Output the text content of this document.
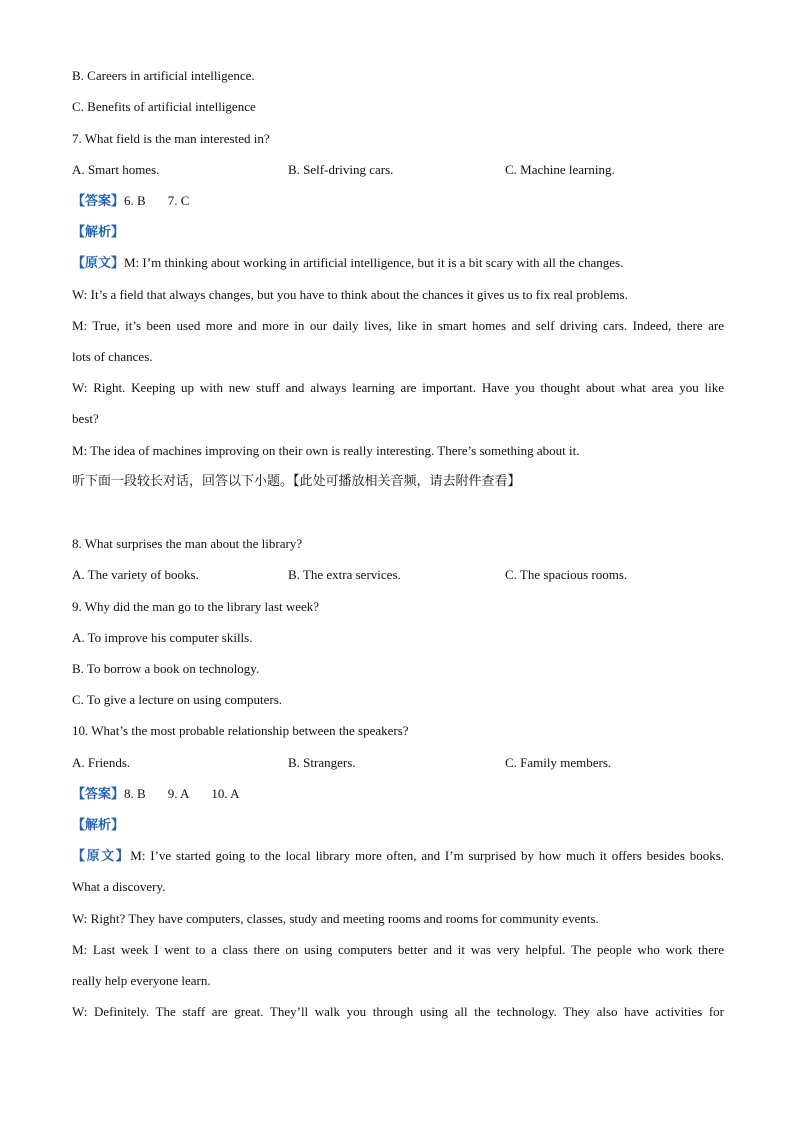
B. Careers in artificial intelligence.
C. Benefits of artificial intelligence
7. What field is the man interested in?
A. Smart homes.	B. Self-driving cars.	C. Machine learning.
【答案】6. B 7. C
【解析】
【原文】M: I’m thinking about working in artificial intelligence, but it is a bit scary with all the changes.
W: It’s a field that always changes, but you have to think about the chances it gives us to fix real problems.
M: True, it’s been used more and more in our daily lives, like in smart homes and self driving cars. Indeed, there are
lots of chances.
W: Right. Keeping up with new stuff and always learning are important. Have you thought about what area you like
best?
M: The idea of machines improving on their own is really interesting. There’s something about it.
听下面一段较长对话，回答以下小题。【此处可播放相关音频，请去附件查看】
8. What surprises the man about the library?
A. The variety of books.	B. The extra services.	C. The spacious rooms.
9. Why did the man go to the library last week?
A. To improve his computer skills.
B. To borrow a book on technology.
C. To give a lecture on using computers.
10. What’s the most probable relationship between the speakers?
A. Friends.	B. Strangers.	C. Family members.
【答案】8. B 9. A 10. A
【解析】
【原文】M: I’ve started going to the local library more often, and I’m surprised by how much it offers besides books.
What a discovery.
W: Right? They have computers, classes, study and meeting rooms and rooms for community events.
M: Last week I went to a class there on using computers better and it was very helpful. The people who work there
really help everyone learn.
W: Definitely. The staff are great. They’ll walk you through using all the technology. They also have activities for
